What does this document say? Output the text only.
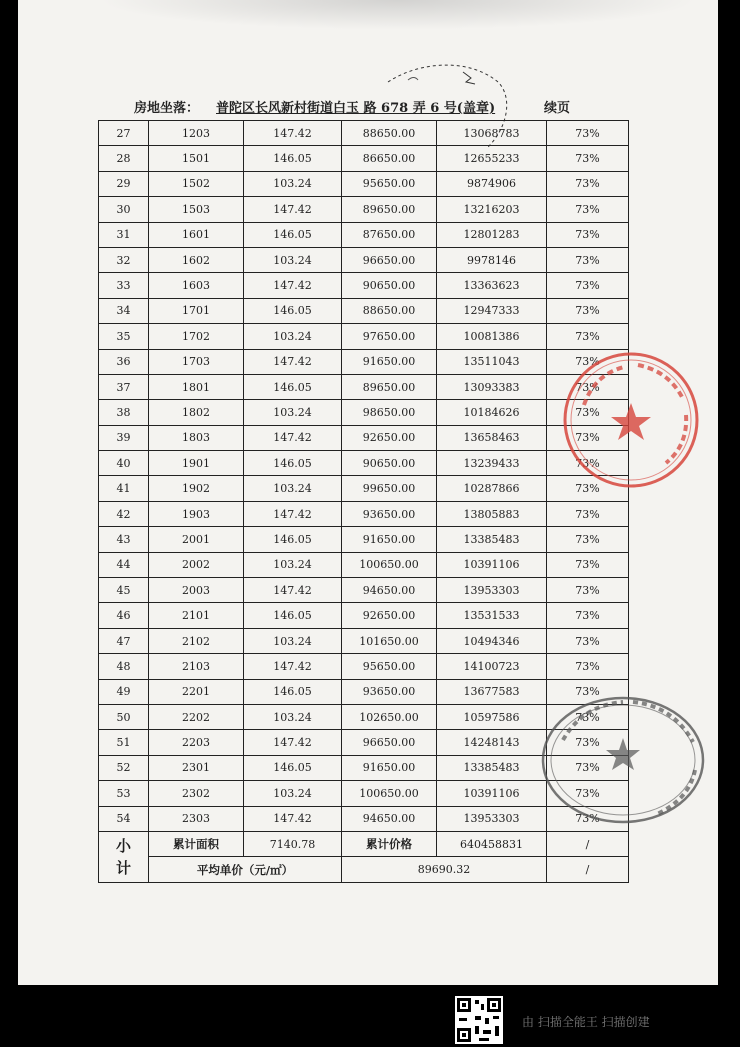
房地坐落： 普陀区长风新村街道白玉 路 678 弄 6 号(盖章)	续页
27	1203	147.42	88650.00	13068783	73%
28	1501	146.05	86650.00	12655233	73%
29	1502	103.24	95650.00	9874906	73%
30	1503	147.42	89650.00	13216203	73%
31	1601	146.05	87650.00	12801283	73%
32	1602	103.24	96650.00	9978146	73%
33	1603	147.42	90650.00	13363623	73%
34	1701	146.05	88650.00	12947333	73%
35	1702	103.24	97650.00	10081386	73%
36	1703	147.42	91650.00	13511043	73%
37	1801	146.05	89650.00	13093383	73%
38	1802	103.24	98650.00	10184626	73%
39	1803	147.42	92650.00	13658463	73%
40	1901	146.05	90650.00	13239433	73%
41	1902	103.24	99650.00	10287866	73%
42	1903	147.42	93650.00	13805883	73%
43	2001	146.05	91650.00	13385483	73%
44	2002	103.24	100650.00	10391106	73%
45	2003	147.42	94650.00	13953303	73%
46	2101	146.05	92650.00	13531533	73%
47	2102	103.24	101650.00	10494346	73%
48	2103	147.42	95650.00	14100723	73%
49	2201	146.05	93650.00	13677583	73%
50	2202	103.24	102650.00	10597586	73%
51	2203	147.42	96650.00	14248143	73%
52	2301	146.05	91650.00	13385483	73%
53	2302	103.24	100650.00	10391106	73%
54	2303	147.42	94650.00	13953303	73%
小
计	累计面积	7140.78	累计价格	640458831	/
	平均单价（元/㎡）		89690.32		/
由 扫描全能王 扫描创建
